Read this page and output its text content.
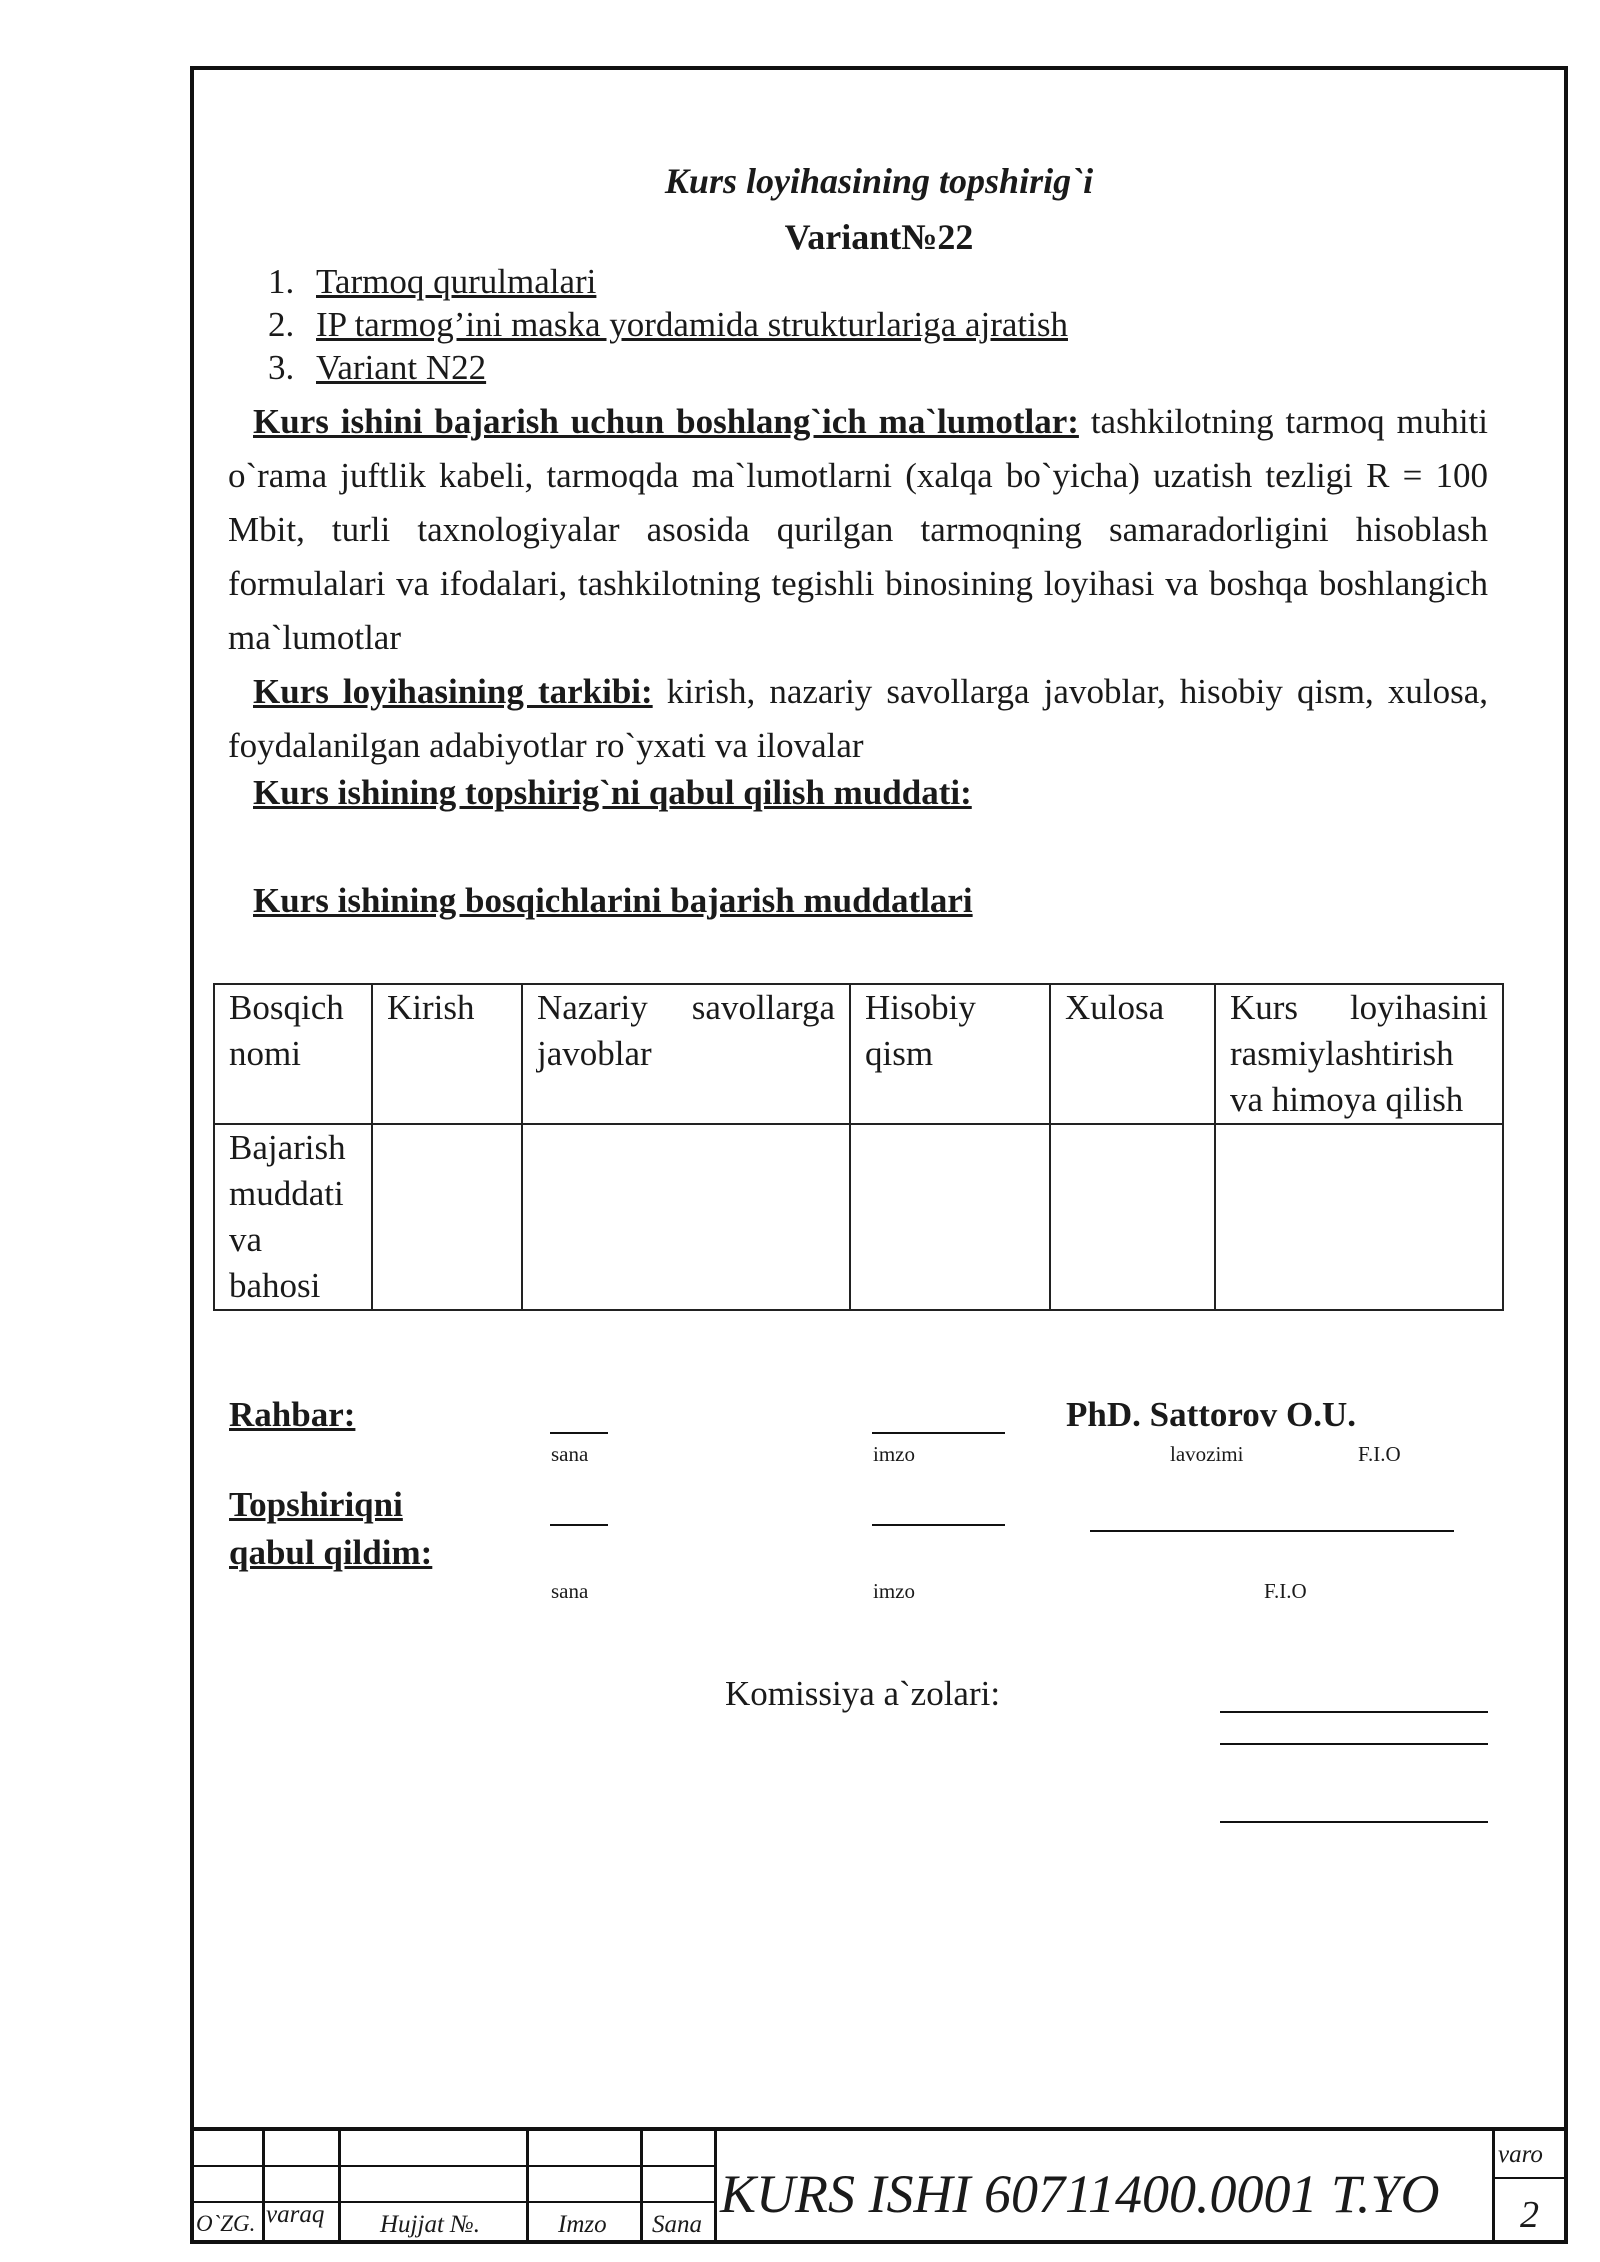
Kurs loyihasining topshirig`i
Variant№22
1. Tarmoq qurulmalari
2. IP tarmog’ini maska yordamida strukturlariga ajratish
3. Variant N22
Kurs ishini bajarish uchun boshlang`ich ma`lumotlar: tashkilotning tarmoq muhiti o`rama juftlik kabeli, tarmoqda ma`lumotlarni (xalqa bo`yicha) uzatish tezligi R = 100 Mbit, turli taxnologiyalar asosida qurilgan tarmoqning samaradorligini hisoblash formulalari va ifodalari, tashkilotning tegishli binosining loyihasi va boshqa boshlangich ma`lumotlar
Kurs loyihasining tarkibi: kirish, nazariy savollarga javoblar, hisobiy qism, xulosa, foydalanilgan adabiyotlar ro`yxati va ilovalar
Kurs ishining topshirig`ni qabul qilish muddati:
Kurs ishining bosqichlarini bajarish muddatlari
Bosqich nomi	Kirish	Nazariy savollarga javoblar	Hisobiy qism	Xulosa	Kurs loyihasini rasmiylashtirish va himoya qilish
Bajarish muddati va bahosi					
Rahbar:	PhD. Sattorov O.U.
sana	imzo	lavozimi	F.I.O
Topshiriqni
qabul qildim:
sana	imzo	F.I.O
Komissiya a`zolari:
O`ZG. varaq Hujjat №.	Imzo Sana
KURS ISHI 60711400.0001 T.YO
varo
2
